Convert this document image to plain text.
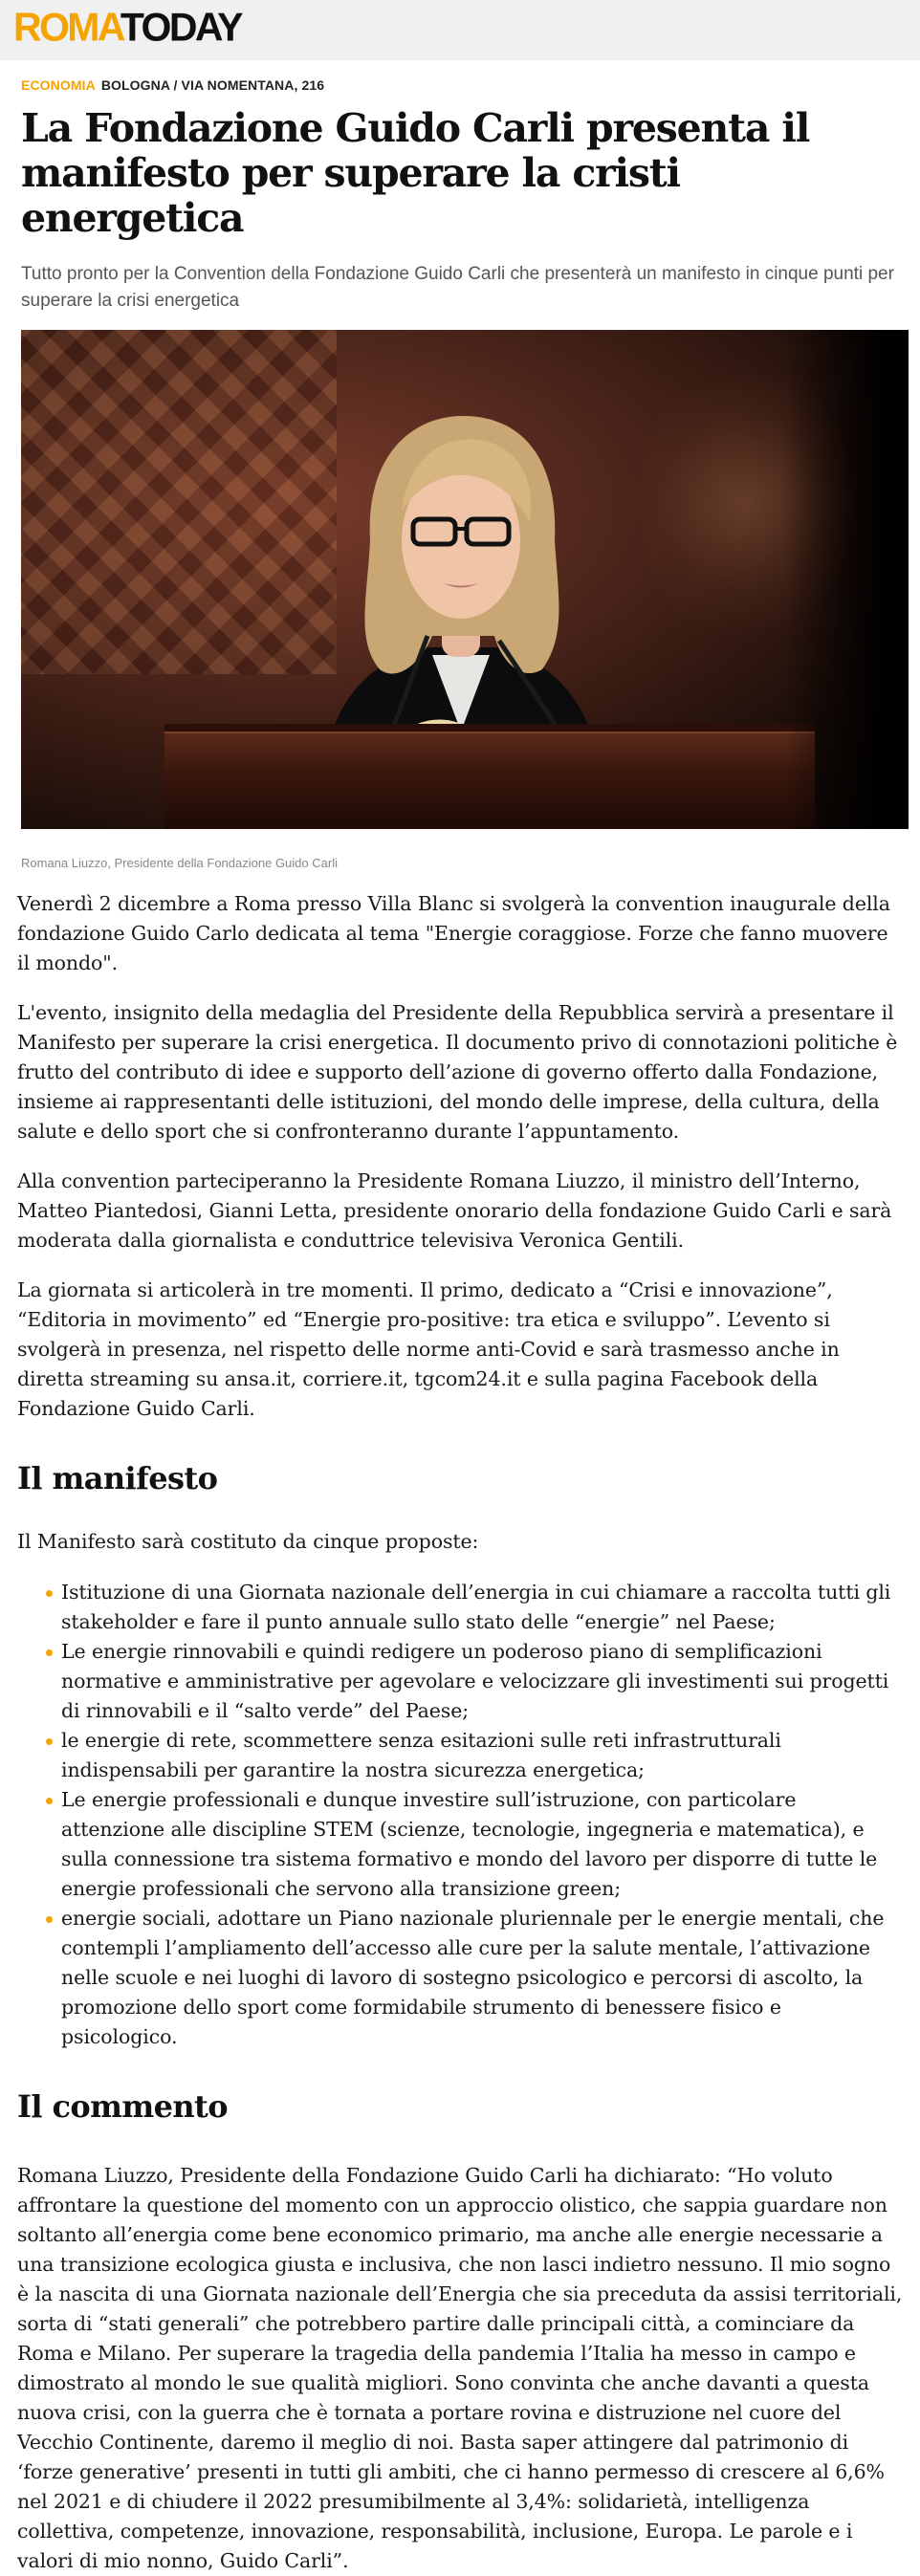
ROMATODAY
ECONOMIA BOLOGNA / VIA NOMENTANA, 216
La Fondazione Guido Carli presenta il manifesto per superare la cristi energetica

Tutto pronto per la Convention della Fondazione Guido Carli che presenterà un manifesto in cinque punti per superare la crisi energetica

Romana Liuzzo, Presidente della Fondazione Guido Carli

Venerdì 2 dicembre a Roma presso Villa Blanc si svolgerà la convention inaugurale della fondazione Guido Carlo dedicata al tema "Energie coraggiose. Forze che fanno muovere il mondo".

L'evento, insignito della medaglia del Presidente della Repubblica servirà a presentare il Manifesto per superare la crisi energetica. Il documento privo di connotazioni politiche è frutto del contributo di idee e supporto dell’azione di governo offerto dalla Fondazione, insieme ai rappresentanti delle istituzioni, del mondo delle imprese, della cultura, della salute e dello sport che si confronteranno durante l’appuntamento.

Alla convention parteciperanno la Presidente Romana Liuzzo, il ministro dell’Interno, Matteo Piantedosi, Gianni Letta, presidente onorario della fondazione Guido Carli e sarà moderata dalla giornalista e conduttrice televisiva Veronica Gentili.

La giornata si articolerà in tre momenti. Il primo, dedicato a “Crisi e innovazione”, “Editoria in movimento” ed “Energie pro-positive: tra etica e sviluppo”. L’evento si svolgerà in presenza, nel rispetto delle norme anti-Covid e sarà trasmesso anche in diretta streaming su ansa.it, corriere.it, tgcom24.it e sulla pagina Facebook della Fondazione Guido Carli.

Il manifesto

Il Manifesto sarà costituto da cinque proposte:

Istituzione di una Giornata nazionale dell’energia in cui chiamare a raccolta tutti gli stakeholder e fare il punto annuale sullo stato delle “energie” nel Paese;
Le energie rinnovabili e quindi redigere un poderoso piano di semplificazioni normative e amministrative per agevolare e velocizzare gli investimenti sui progetti di rinnovabili e il “salto verde” del Paese;
le energie di rete, scommettere senza esitazioni sulle reti infrastrutturali indispensabili per garantire la nostra sicurezza energetica;
Le energie professionali e dunque investire sull’istruzione, con particolare attenzione alle discipline STEM (scienze, tecnologie, ingegneria e matematica), e sulla connessione tra sistema formativo e mondo del lavoro per disporre di tutte le energie professionali che servono alla transizione green;
energie sociali, adottare un Piano nazionale pluriennale per le energie mentali, che contempli l’ampliamento dell’accesso alle cure per la salute mentale, l’attivazione nelle scuole e nei luoghi di lavoro di sostegno psicologico e percorsi di ascolto, la promozione dello sport come formidabile strumento di benessere fisico e psicologico.
Il commento

Romana Liuzzo, Presidente della Fondazione Guido Carli ha dichiarato: “Ho voluto affrontare la questione del momento con un approccio olistico, che sappia guardare non soltanto all’energia come bene economico primario, ma anche alle energie necessarie a una transizione ecologica giusta e inclusiva, che non lasci indietro nessuno. Il mio sogno è la nascita di una Giornata nazionale dell’Energia che sia preceduta da assisi territoriali, sorta di “stati generali” che potrebbero partire dalle principali città, a cominciare da Roma e Milano. Per superare la tragedia della pandemia l’Italia ha messo in campo e dimostrato al mondo le sue qualità migliori. Sono convinta che anche davanti a questa nuova crisi, con la guerra che è tornata a portare rovina e distruzione nel cuore del Vecchio Continente, daremo il meglio di noi. Basta saper attingere dal patrimonio di ‘forze generative’ presenti in tutti gli ambiti, che ci hanno permesso di crescere al 6,6% nel 2021 e di chiudere il 2022 presumibilmente al 3,4%: solidarietà, intelligenza collettiva, competenze, innovazione, responsabilità, inclusione, Europa. Le parole e i valori di mio nonno, Guido Carli”.
